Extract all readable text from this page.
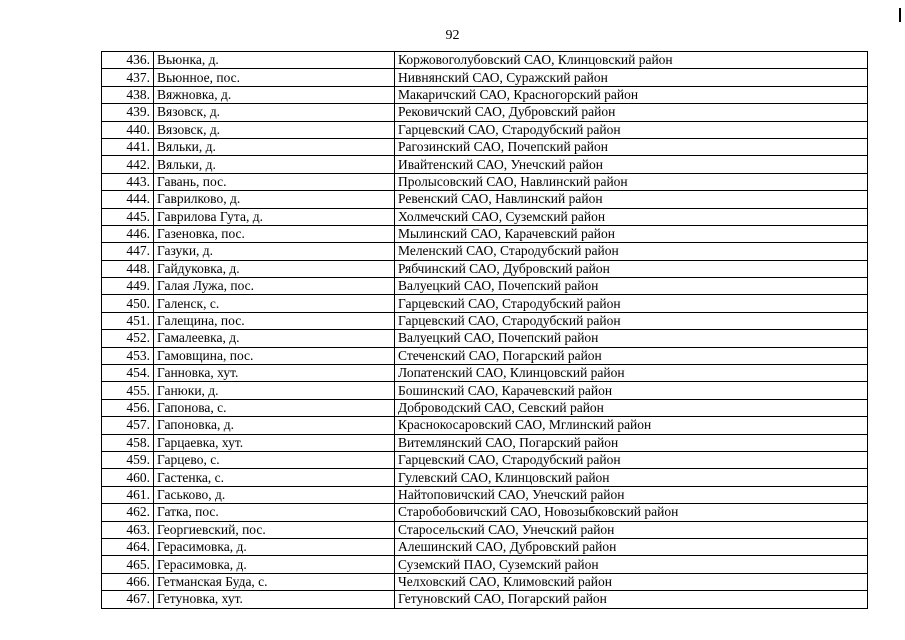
92
436.	Вьюнка, д.	Коржовоголубовский САО, Клинцовский район
437.	Вьюнное, пос.	Нивнянский САО, Суражский район
438.	Вяжновка, д.	Макаричский САО, Красногорский район
439.	Вязовск, д.	Рековичский САО, Дубровский район
440.	Вязовск, д.	Гарцевский САО, Стародубский район
441.	Вяльки, д.	Рагозинский САО, Почепский район
442.	Вяльки, д.	Ивайтенский САО, Унечский район
443.	Гавань, пос.	Пролысовский САО, Навлинский район
444.	Гаврилково, д.	Ревенский САО, Навлинский район
445.	Гаврилова Гута, д.	Холмечский САО, Суземский район
446.	Газеновка, пос.	Мылинский САО, Карачевский район
447.	Газуки, д.	Меленский САО, Стародубский район
448.	Гайдуковка, д.	Рябчинский САО, Дубровский район
449.	Галая Лужа, пос.	Валуецкий САО, Почепский район
450.	Галенск, с.	Гарцевский САО, Стародубский район
451.	Галещина, пос.	Гарцевский САО, Стародубский район
452.	Гамалеевка, д.	Валуецкий САО, Почепский район
453.	Гамовщина, пос.	Стеченский САО, Погарский район
454.	Ганновка, хут.	Лопатенский САО, Клинцовский район
455.	Ганюки, д.	Бошинский САО, Карачевский район
456.	Гапонова, с.	Доброводский САО, Севский район
457.	Гапоновка, д.	Краснокосаровский САО, Мглинский район
458.	Гарцаевка, хут.	Витемлянский САО, Погарский район
459.	Гарцево, с.	Гарцевский САО, Стародубский район
460.	Гастенка, с.	Гулевский САО, Клинцовский район
461.	Гаськово, д.	Найтоповичский САО, Унечский район
462.	Гатка, пос.	Старобобовичский САО, Новозыбковский район
463.	Георгиевский, пос.	Старосельский САО, Унечский район
464.	Герасимовка, д.	Алешинский САО, Дубровский район
465.	Герасимовка, д.	Суземский ПАО, Суземский район
466.	Гетманская Буда, с.	Челховский САО, Климовский район
467.	Гетуновка, хут.	Гетуновский САО, Погарский район
